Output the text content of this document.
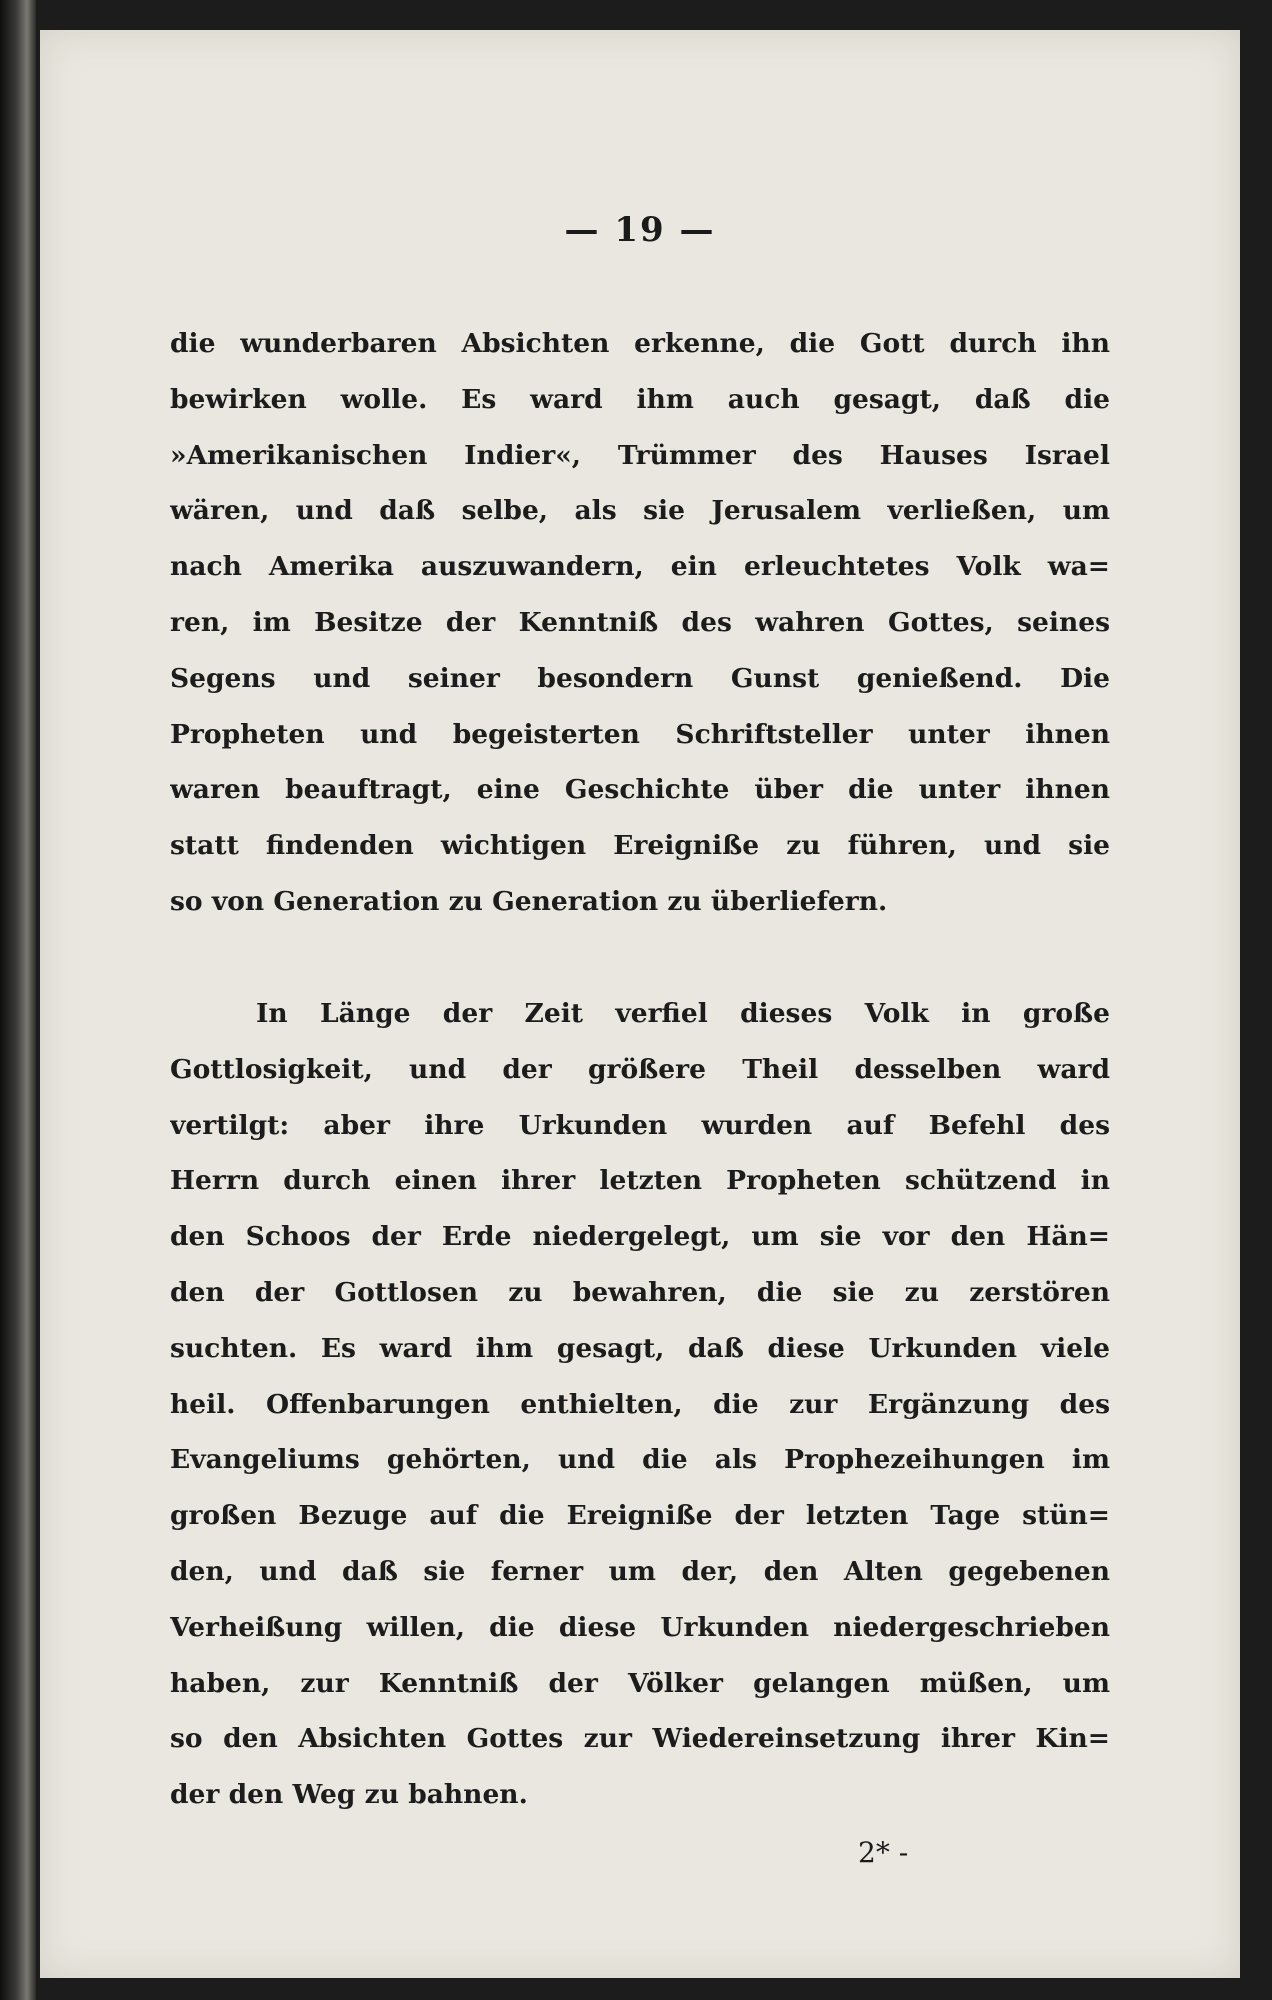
— 19 —
die wunderbaren Absichten erkenne, die Gott durch ihn
bewirken wolle. Es ward ihm auch gesagt, daß die
»Amerikanischen Indier«, Trümmer des Hauses Israel
wären, und daß selbe, als sie Jerusalem verließen, um
nach Amerika auszuwandern, ein erleuchtetes Volk wa=
ren, im Besitze der Kenntniß des wahren Gottes, seines
Segens und seiner besondern Gunst genießend. Die
Propheten und begeisterten Schriftsteller unter ihnen
waren beauftragt, eine Geschichte über die unter ihnen
statt findenden wichtigen Ereigniße zu führen, und sie
so von Generation zu Generation zu überliefern.
In Länge der Zeit verfiel dieses Volk in große
Gottlosigkeit, und der größere Theil desselben ward
vertilgt: aber ihre Urkunden wurden auf Befehl des
Herrn durch einen ihrer letzten Propheten schützend in
den Schoos der Erde niedergelegt, um sie vor den Hän=
den der Gottlosen zu bewahren, die sie zu zerstören
suchten. Es ward ihm gesagt, daß diese Urkunden viele
heil. Offenbarungen enthielten, die zur Ergänzung des
Evangeliums gehörten, und die als Prophezeihungen im
großen Bezuge auf die Ereigniße der letzten Tage stün=
den, und daß sie ferner um der, den Alten gegebenen
Verheißung willen, die diese Urkunden niedergeschrieben
haben, zur Kenntniß der Völker gelangen müßen, um
so den Absichten Gottes zur Wiedereinsetzung ihrer Kin=
der den Weg zu bahnen.
2* -
